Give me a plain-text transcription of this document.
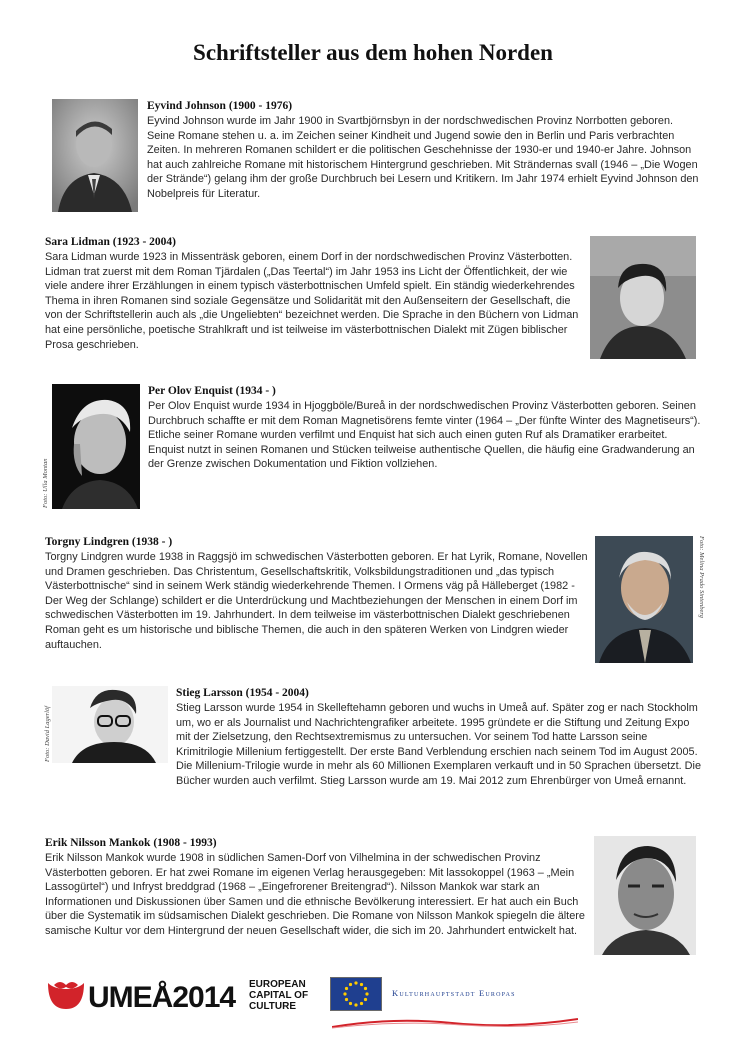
Schriftsteller aus dem hohen Norden

Eyvind Johnson (1900 - 1976)

Eyvind Johnson wurde im Jahr 1900 in Svartbjörnsbyn in der nordschwedischen Provinz Norrbotten geboren. Seine Romane stehen u. a. im Zeichen seiner Kindheit und Jugend sowie den in Berlin und Paris verbrachten Zeiten. In mehreren Romanen schildert er die politischen Geschehnisse der 1930-er und 1940-er Jahre. Johnson hat auch zahlreiche Romane mit historischem Hintergrund geschrieben. Mit Strändernas svall (1946 – „Die Wogen der Strände“) gelang ihm der große Durchbruch bei Lesern und Kritikern. Im Jahr 1974 erhielt Eyvind Johnson den Nobelpreis für Literatur.

Sara Lidman (1923 - 2004)

Sara Lidman wurde 1923 in Missenträsk geboren, einem Dorf in der nordschwedischen Provinz Västerbotten. Lidman trat zuerst mit dem Roman Tjärdalen („Das Teertal“) im Jahr 1953 ins Licht der Öffentlichkeit, der wie viele andere ihrer Erzählungen in einem typisch västerbottnischen Umfeld spielt. Ein ständig wiederkehrendes Thema in ihren Romanen sind soziale Gegensätze und Solidarität mit den Außenseitern der Gesellschaft, die von der Schriftstellerin auch als „die Ungeliebten“ bezeichnet werden. Die Sprache in den Büchern von Lidman hat eine persönliche, poetische Strahlkraft und ist teilweise im västerbottnischen Dialekt mit Zügen biblischer Prosa geschrieben.

Foto: Ulla Montan

Per Olov Enquist (1934 - )

Per Olov Enquist wurde 1934 in Hjoggböle/Bureå in der nordschwedischen Provinz Västerbotten geboren. Seinen Durchbruch schaffte er mit dem Roman Magnetisörens femte vinter (1964 – „Der fünfte Winter des Magnetiseurs“). Etliche seiner Romane wurden verfilmt und Enquist hat sich auch einen guten Ruf als Dramatiker erarbeitet. Enquist nutzt in seinen Romanen und Stücken teilweise authentische Quellen, die häufig eine Gradwanderung an der Grenze zwischen Dokumentation und Fiktion vollziehen.

Torgny Lindgren (1938 - )

Torgny Lindgren wurde 1938 in Raggsjö im schwedischen Västerbotten geboren. Er hat Lyrik, Romane, Novellen und Dramen geschrieben. Das Christentum, Gesellschaftskritik, Volksbildungstraditionen und „das typisch Västerbottnische“ sind in seinem Werk ständig wiederkehrende Themen. I Ormens väg på Hälleberget (1982 - Der Weg der Schlange) schildert er die Unterdrückung und Machtbeziehungen der Menschen in einem Dorf im schwedischen Västerbotten im 19. Jahrhundert. In dem teilweise im västerbottnischen Dialekt geschriebenen Roman geht es um historische und biblische Themen, die auch in den späteren Werken von Lindgren wieder auftauchen.

Foto: Melina Prado Sintenberg
Foto: David Lagerlöf

Stieg Larsson (1954 - 2004)

Stieg Larsson wurde 1954 in Skelleftehamn geboren und wuchs in Umeå auf. Später zog er nach Stockholm um, wo er als Journalist und Nachrichtengrafiker arbeitete. 1995 gründete er die Stiftung und Zeitung Expo mit der Zielsetzung, den Rechtsextremismus zu untersuchen. Vor seinem Tod hatte Larsson seine Krimitrilogie Millenium fertiggestellt. Der erste Band Verblendung erschien nach seinem Tod im August 2005. Die Millenium-Trilogie wurde in mehr als 60 Millionen Exemplaren verkauft und in 50 Sprachen übersetzt. Die Bücher wurden auch verfilmt. Stieg Larsson wurde am 19. Mai 2012 zum Ehrenbürger von Umeå ernannt.

Erik Nilsson Mankok (1908 - 1993)

Erik Nilsson Mankok wurde 1908 in südlichen Samen-Dorf von Vilhelmina in der schwedischen Provinz Västerbotten geboren. Er hat zwei Romane im eigenen Verlag herausgegeben: Mit lassokoppel (1963 – „Mein Lassogürtel“) und Infryst breddgrad (1968 – „Eingefrorener Breitengrad“). Nilsson Mankok war stark an Informationen und Diskussionen über Samen und die ethnische Bevölkerung interessiert. Er hat auch ein Buch über die Systematik im südsamischen Dialekt geschrieben. Die Romane von Nilsson Mankok spiegeln die ältere samische Kultur vor dem Hintergrund der neuen Gesellschaft wider, die sich im 20. Jahrhundert entwickelt hat.

UMEÅ2014 EUROPEAN
CAPITAL OF
CULTURE
Kulturhauptstadt Europas
